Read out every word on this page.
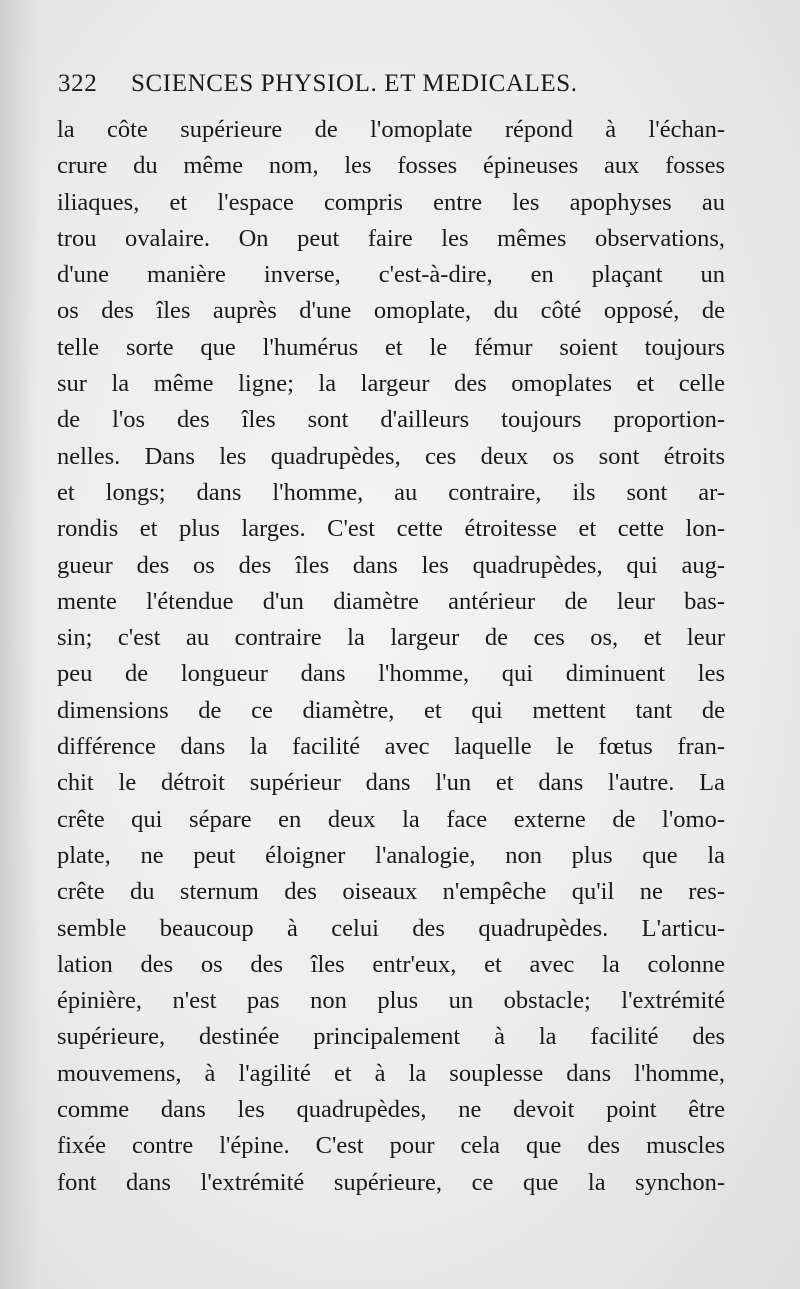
322 SCIENCES PHYSIOL. ET MEDICALES.
la côte supérieure de l'omoplate répond à l'échan-
crure du même nom, les fosses épineuses aux fosses
iliaques, et l'espace compris entre les apophyses au
trou ovalaire. On peut faire les mêmes observations,
d'une manière inverse, c'est-à-dire, en plaçant un
os des îles auprès d'une omoplate, du côté opposé, de
telle sorte que l'humérus et le fémur soient toujours
sur la même ligne; la largeur des omoplates et celle
de l'os des îles sont d'ailleurs toujours proportion-
nelles. Dans les quadrupèdes, ces deux os sont étroits
et longs; dans l'homme, au contraire, ils sont ar-
rondis et plus larges. C'est cette étroitesse et cette lon-
gueur des os des îles dans les quadrupèdes, qui aug-
mente l'étendue d'un diamètre antérieur de leur bas-
sin; c'est au contraire la largeur de ces os, et leur
peu de longueur dans l'homme, qui diminuent les
dimensions de ce diamètre, et qui mettent tant de
différence dans la facilité avec laquelle le fœtus fran-
chit le détroit supérieur dans l'un et dans l'autre. La
crête qui sépare en deux la face externe de l'omo-
plate, ne peut éloigner l'analogie, non plus que la
crête du sternum des oiseaux n'empêche qu'il ne res-
semble beaucoup à celui des quadrupèdes. L'articu-
lation des os des îles entr'eux, et avec la colonne
épinière, n'est pas non plus un obstacle; l'extrémité
supérieure, destinée principalement à la facilité des
mouvemens, à l'agilité et à la souplesse dans l'homme,
comme dans les quadrupèdes, ne devoit point être
fixée contre l'épine. C'est pour cela que des muscles
font dans l'extrémité supérieure, ce que la synchon-
